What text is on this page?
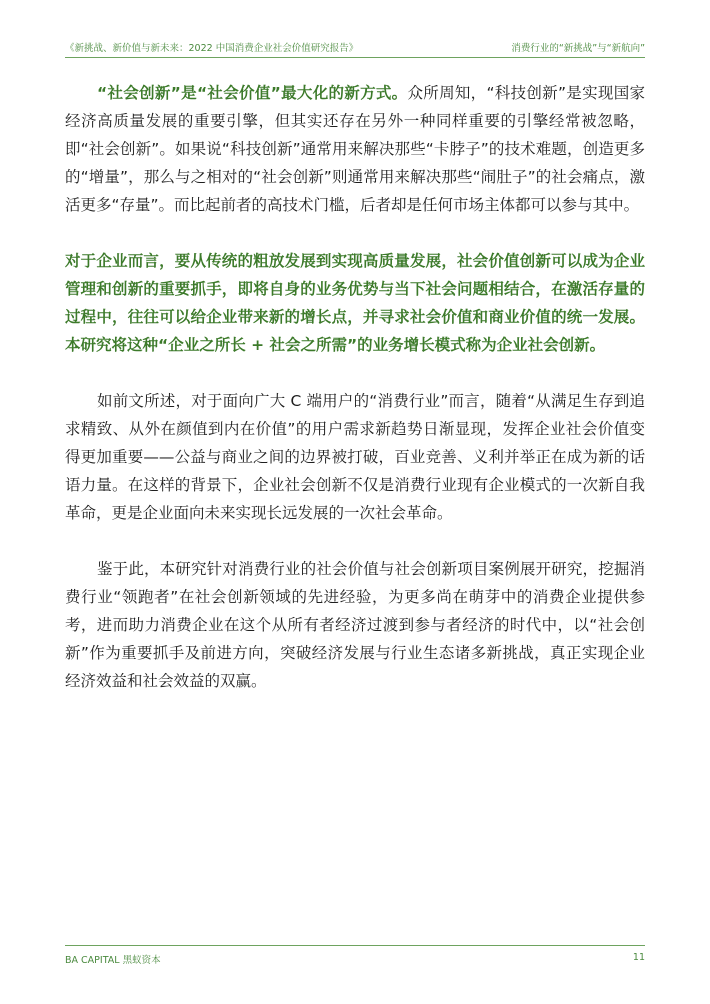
《新挑战、新价值与新未来：2022 中国消费企业社会价值研究报告》	消费行业的“新挑战”与“新航向”

“社会创新”是“社会价值”最大化的新方式。众所周知，“科技创新”是实现国家经济高质量发展的重要引擎，但其实还存在另外一种同样重要的引擎经常被忽略，即“社会创新”。如果说“科技创新”通常用来解决那些“卡脖子”的技术难题，创造更多的“增量”，那么与之相对的“社会创新”则通常用来解决那些“闹肚子”的社会痛点，激活更多“存量”。而比起前者的高技术门槛，后者却是任何市场主体都可以参与其中。

对于企业而言，要从传统的粗放发展到实现高质量发展，社会价值创新可以成为企业管理和创新的重要抓手，即将自身的业务优势与当下社会问题相结合，在激活存量的过程中，往往可以给企业带来新的增长点，并寻求社会价值和商业价值的统一发展。本研究将这种“企业之所长 + 社会之所需”的业务增长模式称为企业社会创新。

如前文所述，对于面向广大 C 端用户的“消费行业”而言，随着“从满足生存到追求精致、从外在颜值到内在价值”的用户需求新趋势日渐显现，发挥企业社会价值变得更加重要——公益与商业之间的边界被打破，百业竞善、义利并举正在成为新的话语力量。在这样的背景下，企业社会创新不仅是消费行业现有企业模式的一次新自我革命，更是企业面向未来实现长远发展的一次社会革命。

鉴于此，本研究针对消费行业的社会价值与社会创新项目案例展开研究，挖掘消费行业“领跑者”在社会创新领域的先进经验，为更多尚在萌芽中的消费企业提供参考，进而助力消费企业在这个从所有者经济过渡到参与者经济的时代中，以“社会创新”作为重要抓手及前进方向，突破经济发展与行业生态诸多新挑战，真正实现企业经济效益和社会效益的双赢。

BA CAPITAL 黑蚁资本	11
